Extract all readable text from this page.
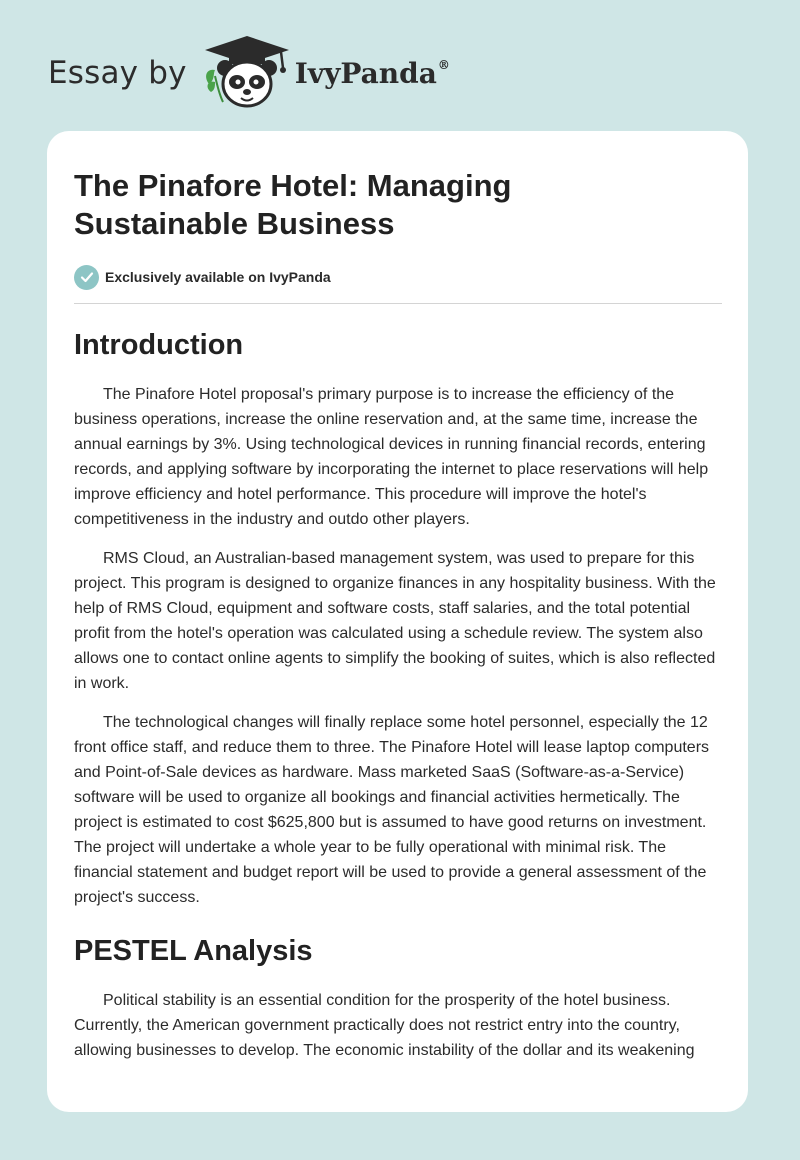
Essay by	IvyPanda®
The Pinafore Hotel: Managing Sustainable Business
Exclusively available on IvyPanda
Introduction

The Pinafore Hotel proposal's primary purpose is to increase the efficiency of the business operations, increase the online reservation and, at the same time, increase the annual earnings by 3%. Using technological devices in running financial records, entering records, and applying software by incorporating the internet to place reservations will help improve efficiency and hotel performance. This procedure will improve the hotel's competitiveness in the industry and outdo other players.

RMS Cloud, an Australian-based management system, was used to prepare for this project. This program is designed to organize finances in any hospitality business. With the help of RMS Cloud, equipment and software costs, staff salaries, and the total potential profit from the hotel's operation was calculated using a schedule review. The system also allows one to contact online agents to simplify the booking of suites, which is also reflected in work.

The technological changes will finally replace some hotel personnel, especially the 12 front office staff, and reduce them to three. The Pinafore Hotel will lease laptop computers and Point-of-Sale devices as hardware. Mass marketed SaaS (Software-as-a-Service) software will be used to organize all bookings and financial activities hermetically. The project is estimated to cost $625,800 but is assumed to have good returns on investment. The project will undertake a whole year to be fully operational with minimal risk. The financial statement and budget report will be used to provide a general assessment of the project's success.

PESTEL Analysis

Political stability is an essential condition for the prosperity of the hotel business. Currently, the American government practically does not restrict entry into the country, allowing businesses to develop. The economic instability of the dollar and its weakening
